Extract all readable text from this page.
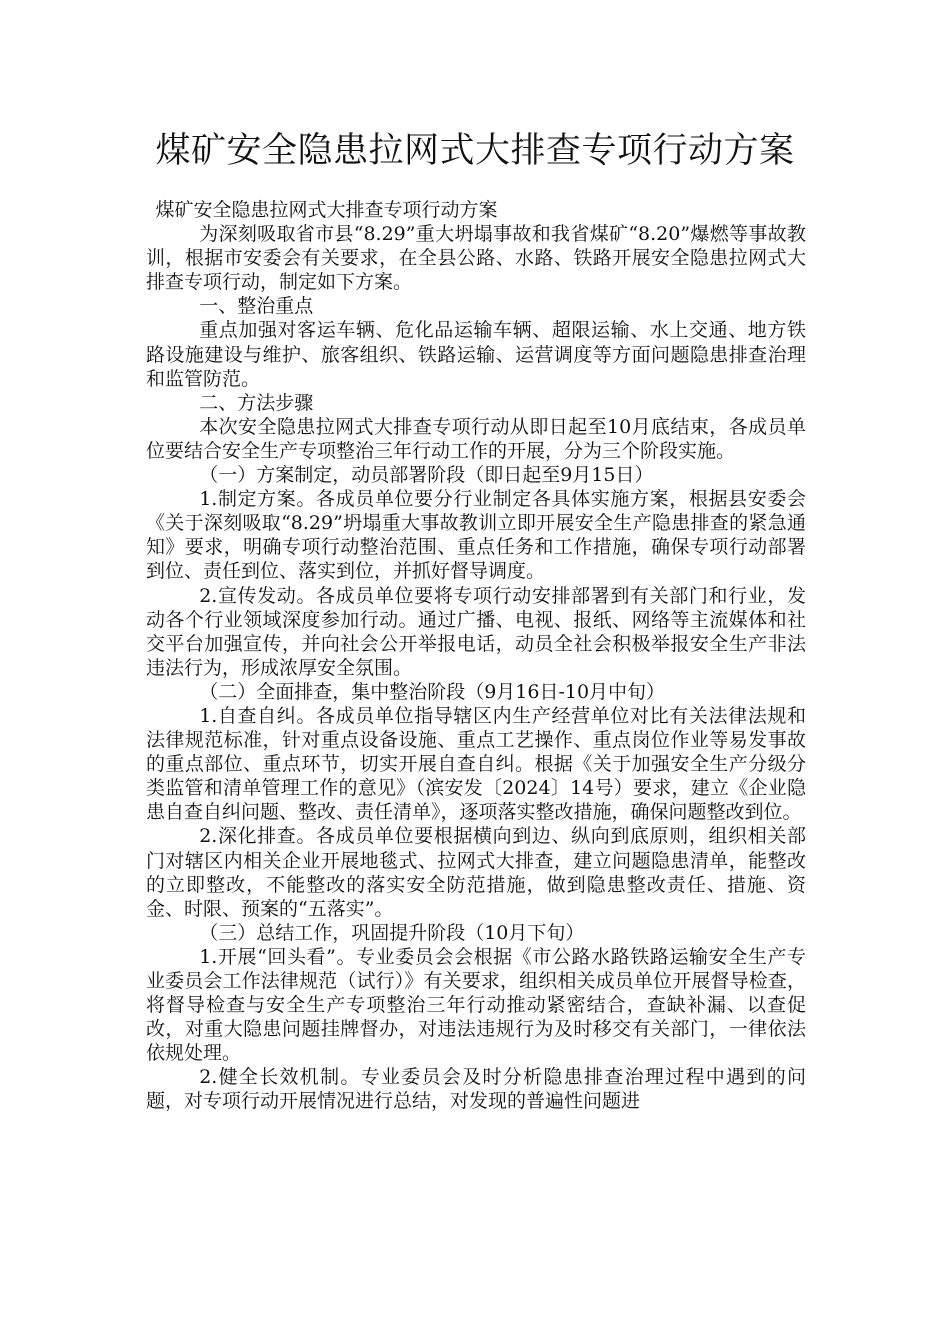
煤矿安全隐患拉网式大排查专项行动方案

煤矿安全隐患拉网式大排查专项行动方案

为深刻吸取省市县“8.29”重大坍塌事故和我省煤矿“8.20”爆燃等事故教训，根据市安委会有关要求，在全县公路、水路、铁路开展安全隐患拉网式大排查专项行动，制定如下方案。

一、整治重点

重点加强对客运车辆、危化品运输车辆、超限运输、水上交通、地方铁路设施建设与维护、旅客组织、铁路运输、运营调度等方面问题隐患排查治理和监管防范。

二、方法步骤

本次安全隐患拉网式大排查专项行动从即日起至10月底结束，各成员单位要结合安全生产专项整治三年行动工作的开展，分为三个阶段实施。

（一）方案制定，动员部署阶段（即日起至9月15日）

1.制定方案。各成员单位要分行业制定各具体实施方案，根据县安委会《关于深刻吸取“8.29”坍塌重大事故教训立即开展安全生产隐患排查的紧急通知》要求，明确专项行动整治范围、重点任务和工作措施，确保专项行动部署到位、责任到位、落实到位，并抓好督导调度。

2.宣传发动。各成员单位要将专项行动安排部署到有关部门和行业，发动各个行业领域深度参加行动。通过广播、电视、报纸、网络等主流媒体和社交平台加强宣传，并向社会公开举报电话，动员全社会积极举报安全生产非法违法行为，形成浓厚安全氛围。

（二）全面排查，集中整治阶段（9月16日-10月中旬）

1.自查自纠。各成员单位指导辖区内生产经营单位对比有关法律法规和法律规范标准，针对重点设备设施、重点工艺操作、重点岗位作业等易发事故的重点部位、重点环节，切实开展自查自纠。根据《关于加强安全生产分级分类监管和清单管理工作的意见》（滨安发〔2024〕14号）要求，建立《企业隐患自查自纠问题、整改、责任清单》，逐项落实整改措施，确保问题整改到位。

2.深化排查。各成员单位要根据横向到边、纵向到底原则，组织相关部门对辖区内相关企业开展地毯式、拉网式大排查，建立问题隐患清单，能整改的立即整改，不能整改的落实安全防范措施，做到隐患整改责任、措施、资金、时限、预案的“五落实”。

（三）总结工作，巩固提升阶段（10月下旬）

1.开展“回头看”。专业委员会会根据《市公路水路铁路运输安全生产专业委员会工作法律规范（试行）》有关要求，组织相关成员单位开展督导检查，将督导检查与安全生产专项整治三年行动推动紧密结合，查缺补漏、以查促改，对重大隐患问题挂牌督办，对违法违规行为及时移交有关部门，一律依法依规处理。

2.健全长效机制。专业委员会及时分析隐患排查治理过程中遇到的问题，对专项行动开展情况进行总结，对发现的普遍性问题进
